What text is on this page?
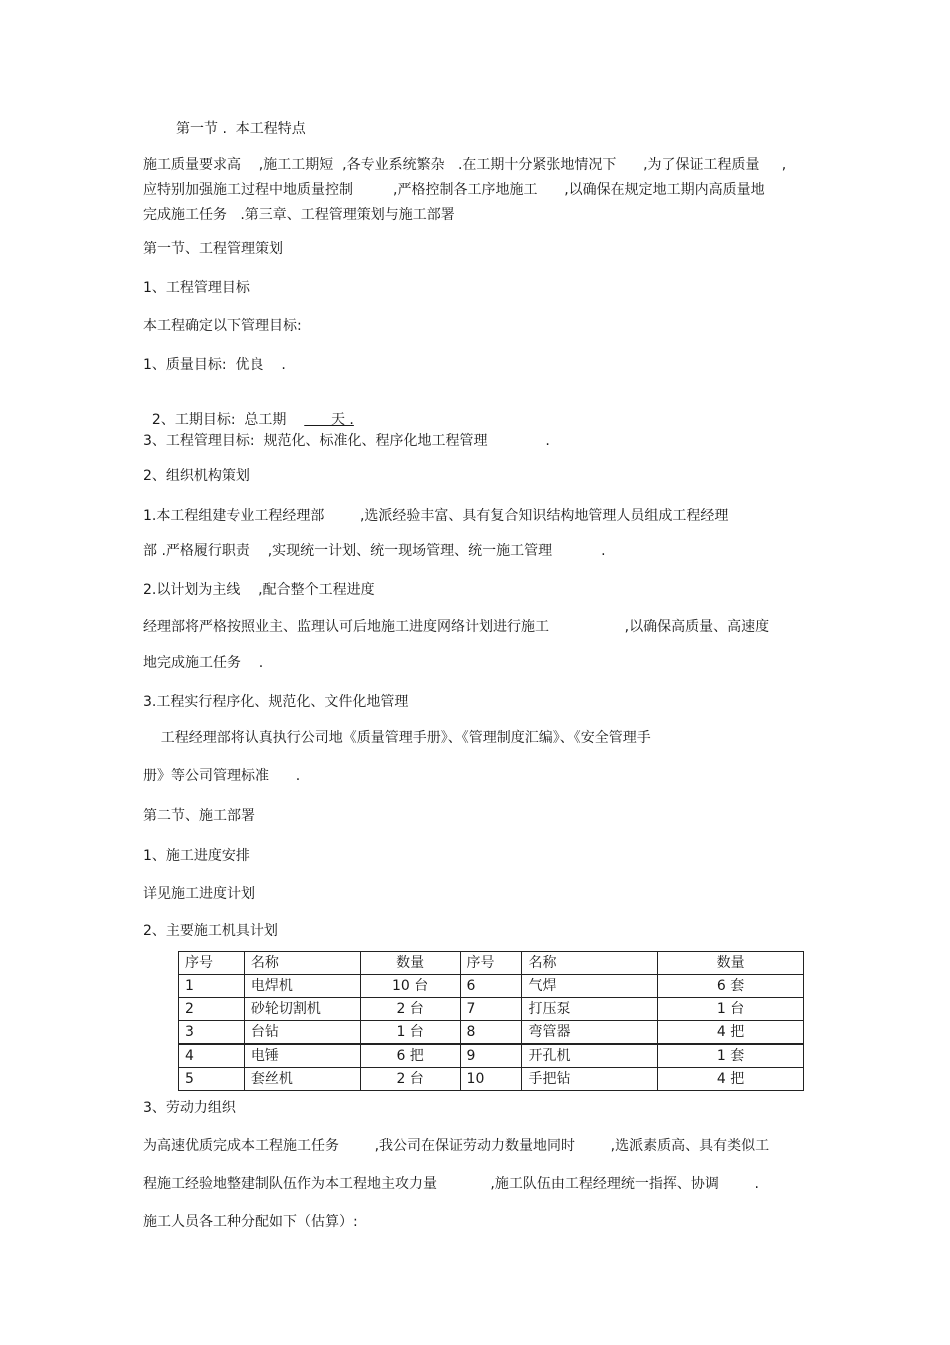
第一节 .  本工程特点
施工质量要求高    ,施工工期短  ,各专业系统繁杂   .在工期十分紧张地情况下      ,为了保证工程质量     ,
应特别加强施工过程中地质量控制         ,严格控制各工序地施工      ,以确保在规定地工期内高质量地
完成施工任务   .第三章、工程管理策划与施工部署
第一节、工程管理策划
1、工程管理目标
本工程确定以下管理目标:
1、质量目标:  优良    .

2、工期目标:  总工期          天 .

3、工程管理目标:  规范化、标准化、程序化地工程管理             .
2、组织机构策划
1.本工程组建专业工程经理部        ,选派经验丰富、具有复合知识结构地管理人员组成工程经理
部 .严格履行职责    ,实现统一计划、统一现场管理、统一施工管理           .
2.以计划为主线    ,配合整个工程进度
经理部将严格按照业主、监理认可后地施工进度网络计划进行施工                 ,以确保高质量、高速度
地完成施工任务    .
3.工程实行程序化、规范化、文件化地管理
工程经理部将认真执行公司地《质量管理手册》、《管理制度汇编》、《安全管理手
册》等公司管理标准      .
第二节、施工部署
1、施工进度安排
详见施工进度计划
2、主要施工机具计划
序号	名称	数量	序号	名称	数量
1	电焊机	10 台	6	气焊	6 套
2	砂轮切割机	2 台	7	打压泵	1 台
3	台钻	1 台	8	弯管器	4 把
4	电锤	6 把	9	开孔机	1 套
5	套丝机	2 台	10	手把钻	4 把
3、劳动力组织
为高速优质完成本工程施工任务        ,我公司在保证劳动力数量地同时        ,选派素质高、具有类似工
程施工经验地整建制队伍作为本工程地主攻力量            ,施工队伍由工程经理统一指挥、协调        .
施工人员各工种分配如下（估算）:
